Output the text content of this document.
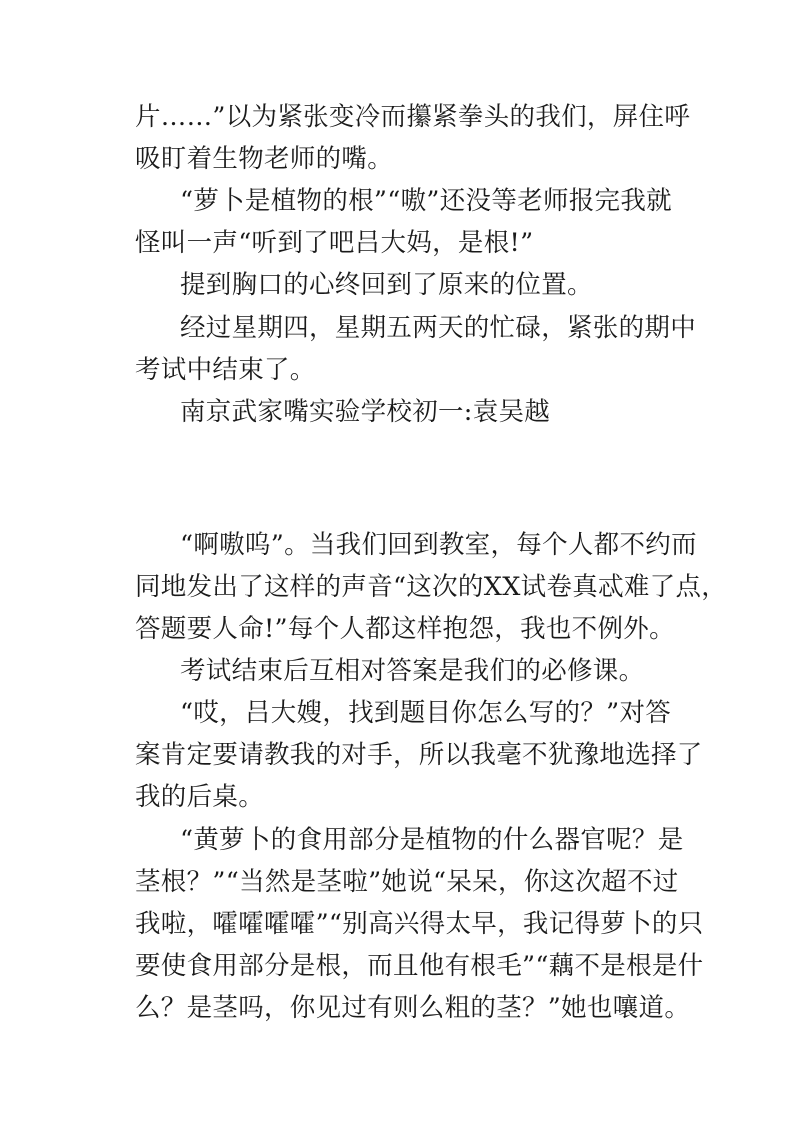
片……”以为紧张变冷而攥紧拳头的我们，屏住呼
吸盯着生物老师的嘴。
“萝卜是植物的根”“嗷”还没等老师报完我就
怪叫一声“听到了吧吕大妈，是根!”
提到胸口的心终回到了原来的位置。
经过星期四，星期五两天的忙碌，紧张的期中
考试中结束了。
南京武家嘴实验学校初一:袁吴越
“啊嗷呜”。当我们回到教室，每个人都不约而
同地发出了这样的声音“这次的XX试卷真忒难了点，
答题要人命!”每个人都这样抱怨，我也不例外。
考试结束后互相对答案是我们的必修课。
“哎，吕大嫂，找到题目你怎么写的？”对答
案肯定要请教我的对手，所以我毫不犹豫地选择了
我的后桌。
“黄萝卜的食用部分是植物的什么器官呢？是
茎根？”“当然是茎啦”她说“呆呆，你这次超不过
我啦，嚯嚯嚯嚯”“别高兴得太早，我记得萝卜的只
要使食用部分是根，而且他有根毛”“藕不是根是什
么？是茎吗，你见过有则么粗的茎？”她也嚷道。
